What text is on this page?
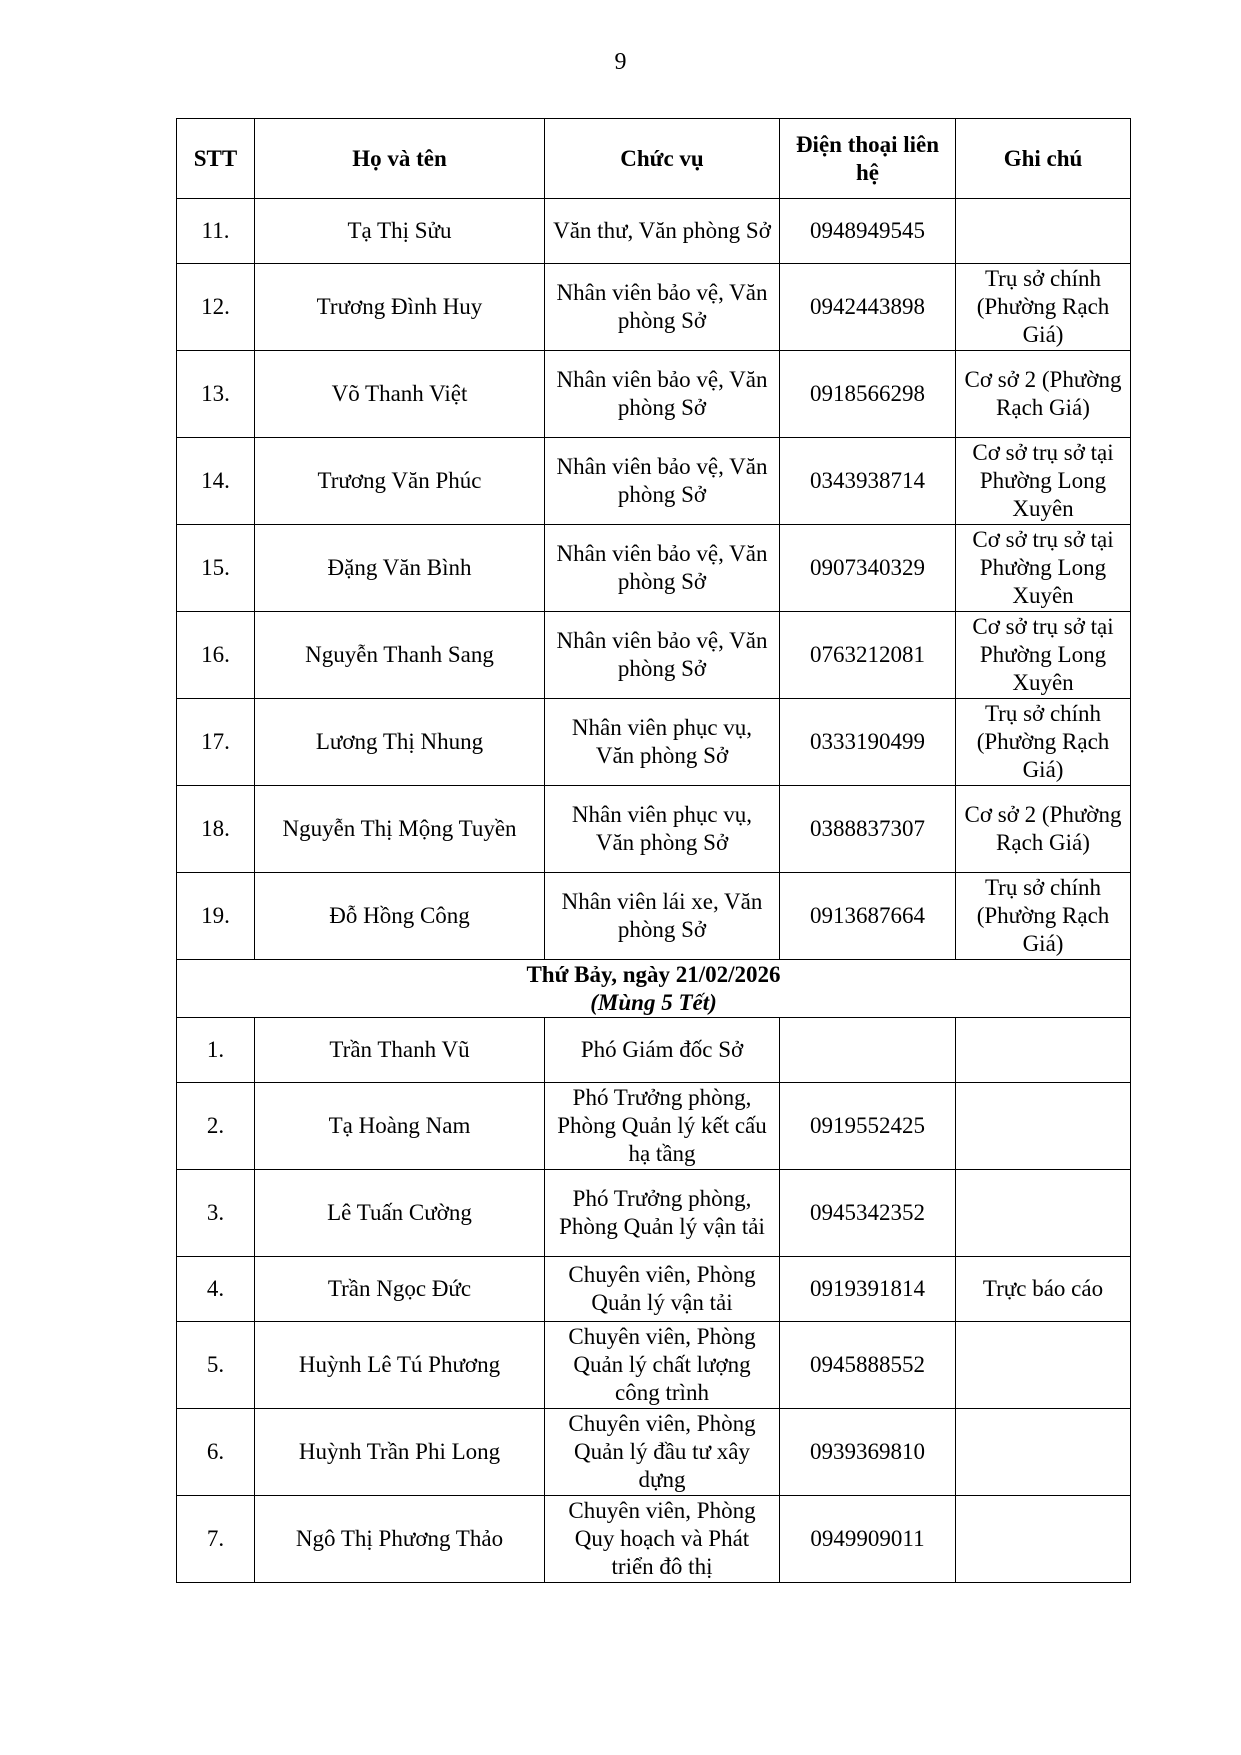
9
STT	Họ và tên	Chức vụ	Điện thoại liên hệ	Ghi chú
11.	Tạ Thị Sửu	Văn thư, Văn phòng Sở	0948949545	
12.	Trương Đình Huy	Nhân viên bảo vệ, Văn phòng Sở	0942443898	Trụ sở chính (Phường Rạch Giá)
13.	Võ Thanh Việt	Nhân viên bảo vệ, Văn phòng Sở	0918566298	Cơ sở 2 (Phường Rạch Giá)
14.	Trương Văn Phúc	Nhân viên bảo vệ, Văn phòng Sở	0343938714	Cơ sở trụ sở tại Phường Long Xuyên
15.	Đặng Văn Bình	Nhân viên bảo vệ, Văn phòng Sở	0907340329	Cơ sở trụ sở tại Phường Long Xuyên
16.	Nguyễn Thanh Sang	Nhân viên bảo vệ, Văn phòng Sở	0763212081	Cơ sở trụ sở tại Phường Long Xuyên
17.	Lương Thị Nhung	Nhân viên phục vụ, Văn phòng Sở	0333190499	Trụ sở chính (Phường Rạch Giá)
18.	Nguyễn Thị Mộng Tuyền	Nhân viên phục vụ, Văn phòng Sở	0388837307	Cơ sở 2 (Phường Rạch Giá)
19.	Đỗ Hồng Công	Nhân viên lái xe, Văn phòng Sở	0913687664	Trụ sở chính (Phường Rạch Giá)

Thứ Bảy, ngày 21/02/2026
(Mùng 5 Tết)				

1.	Trần Thanh Vũ	Phó Giám đốc Sở		
2.	Tạ Hoàng Nam	Phó Trưởng phòng, Phòng Quản lý kết cấu hạ tầng	0919552425	
3.	Lê Tuấn Cường	Phó Trưởng phòng, Phòng Quản lý vận tải	0945342352	
4.	Trần Ngọc Đức	Chuyên viên, Phòng Quản lý vận tải	0919391814	Trực báo cáo
5.	Huỳnh Lê Tú Phương	Chuyên viên, Phòng Quản lý chất lượng công trình	0945888552	
6.	Huỳnh Trần Phi Long	Chuyên viên, Phòng Quản lý đầu tư xây dựng	0939369810	
7.	Ngô Thị Phương Thảo	Chuyên viên, Phòng Quy hoạch và Phát triển đô thị	0949909011	
